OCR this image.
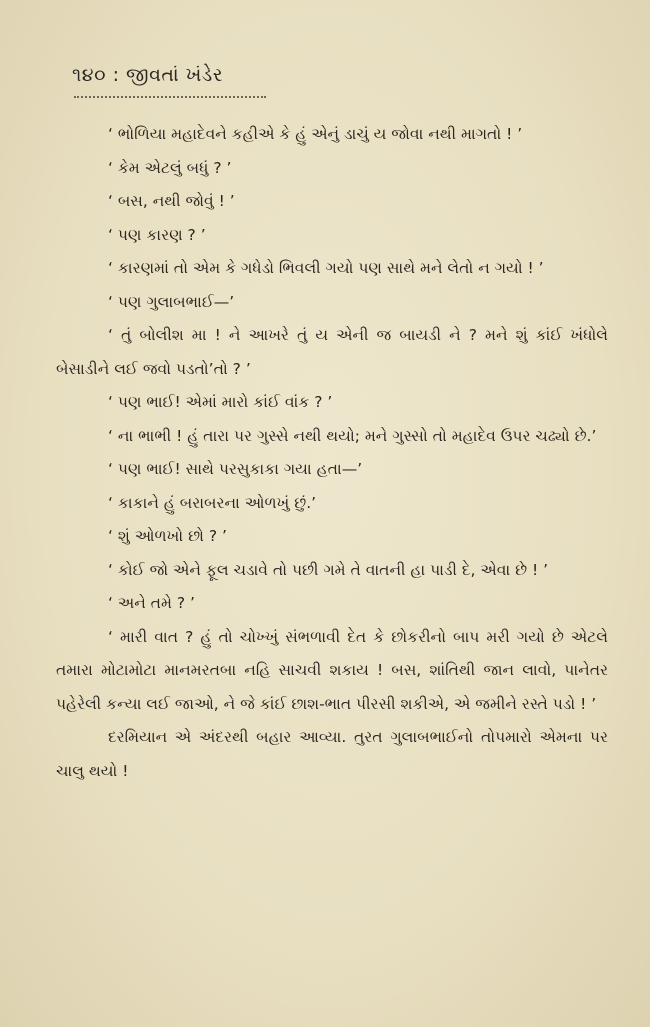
૧૪૦ : જીવતાં ખંડેર

‘ ભોળિયા મહાદેવને કહીએ કે હું એનું ડાચું ય જોવા નથી માગતો ! ’

‘ કેમ એટલું બધું ? ’

‘ બસ, નથી જોવું ! ’

‘ પણ કારણ ? ’

‘ કારણમાં તો એમ કે ગધેડો ભિવલી ગયો પણ સાથે મને લેતો ન ગયો ! ’

‘ પણ ગુલાબભાઈ—’

‘ તું બોલીશ મા ! ને આખરે તું ય એની જ બાયડી ને ? મને શું કાંઈ ખંધોલે બેસાડીને લઈ જવો પડતો’તો ? ’

‘ પણ ભાઈ! એમાં મારો કાંઈ વાંક ? ’

‘ ના ભાભી ! હું તારા પર ગુસ્સે નથી થયો; મને ગુસ્સો તો મહાદેવ ઉપર ચઢ્યો છે.’

‘ પણ ભાઈ! સાથે પરસુકાકા ગયા હતા—’

‘ કાકાને હું બરાબરના ઓળખું છું.’

‘ શું ઓળખો છો ? ’

‘ કોઈ જો એને ફૂલ ચડાવે તો પછી ગમે તે વાતની હા પાડી દે, એવા છે ! ’

‘ અને તમે ? ’

‘ મારી વાત ? હું તો ચોખ્ખું સંભળાવી દેત કે છોકરીનો બાપ મરી ગયો છે એટલે તમારા મોટામોટા માનમરતબા નહિ સાચવી શકાય ! બસ, શાંતિથી જાન લાવો, પાનેતર પહેરેલી કન્યા લઈ જાઓ, ને જે કાંઈ છાશ-ભાત પીરસી શકીએ, એ જમીને રસ્તે પડો ! ’

દરમિયાન એ અંદરથી બહાર આવ્યા. તુરત ગુલાબભાઈનો તોપમારો એમના પર ચાલુ થયો !
